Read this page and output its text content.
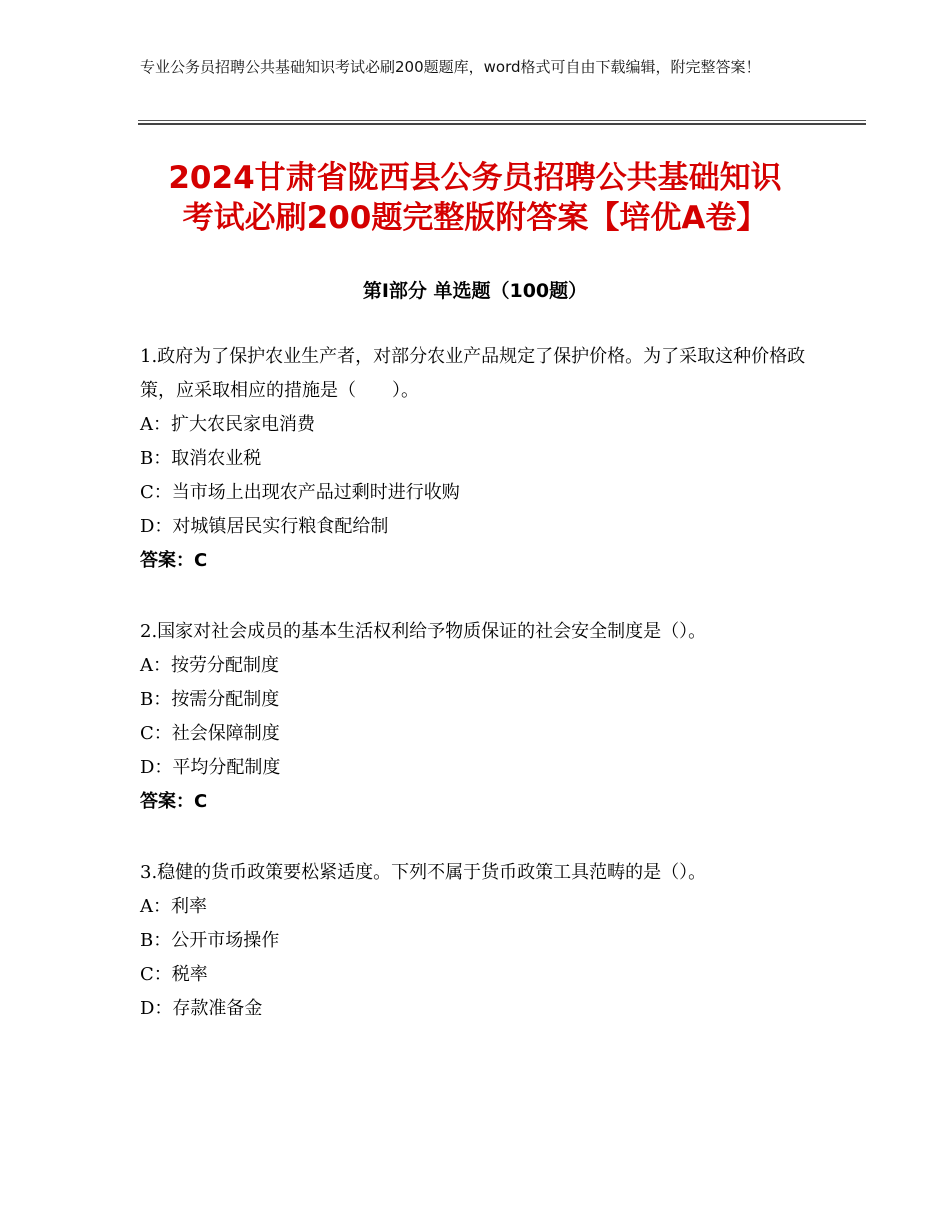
专业公务员招聘公共基础知识考试必刷200题题库，word格式可自由下载编辑，附完整答案！
2024甘肃省陇西县公务员招聘公共基础知识
考试必刷200题完整版附答案【培优A卷】
第Ⅰ部分 单选题（100题）
1.政府为了保护农业生产者，对部分农业产品规定了保护价格。为了采取这种价格政策，应采取相应的措施是（　　）。
A：扩大农民家电消费
B：取消农业税
C：当市场上出现农产品过剩时进行收购
D：对城镇居民实行粮食配给制
答案：C
2.国家对社会成员的基本生活权利给予物质保证的社会安全制度是（）。
A：按劳分配制度
B：按需分配制度
C：社会保障制度
D：平均分配制度
答案：C
3.稳健的货币政策要松紧适度。下列不属于货币政策工具范畴的是（）。
A：利率
B：公开市场操作
C：税率
D：存款准备金
